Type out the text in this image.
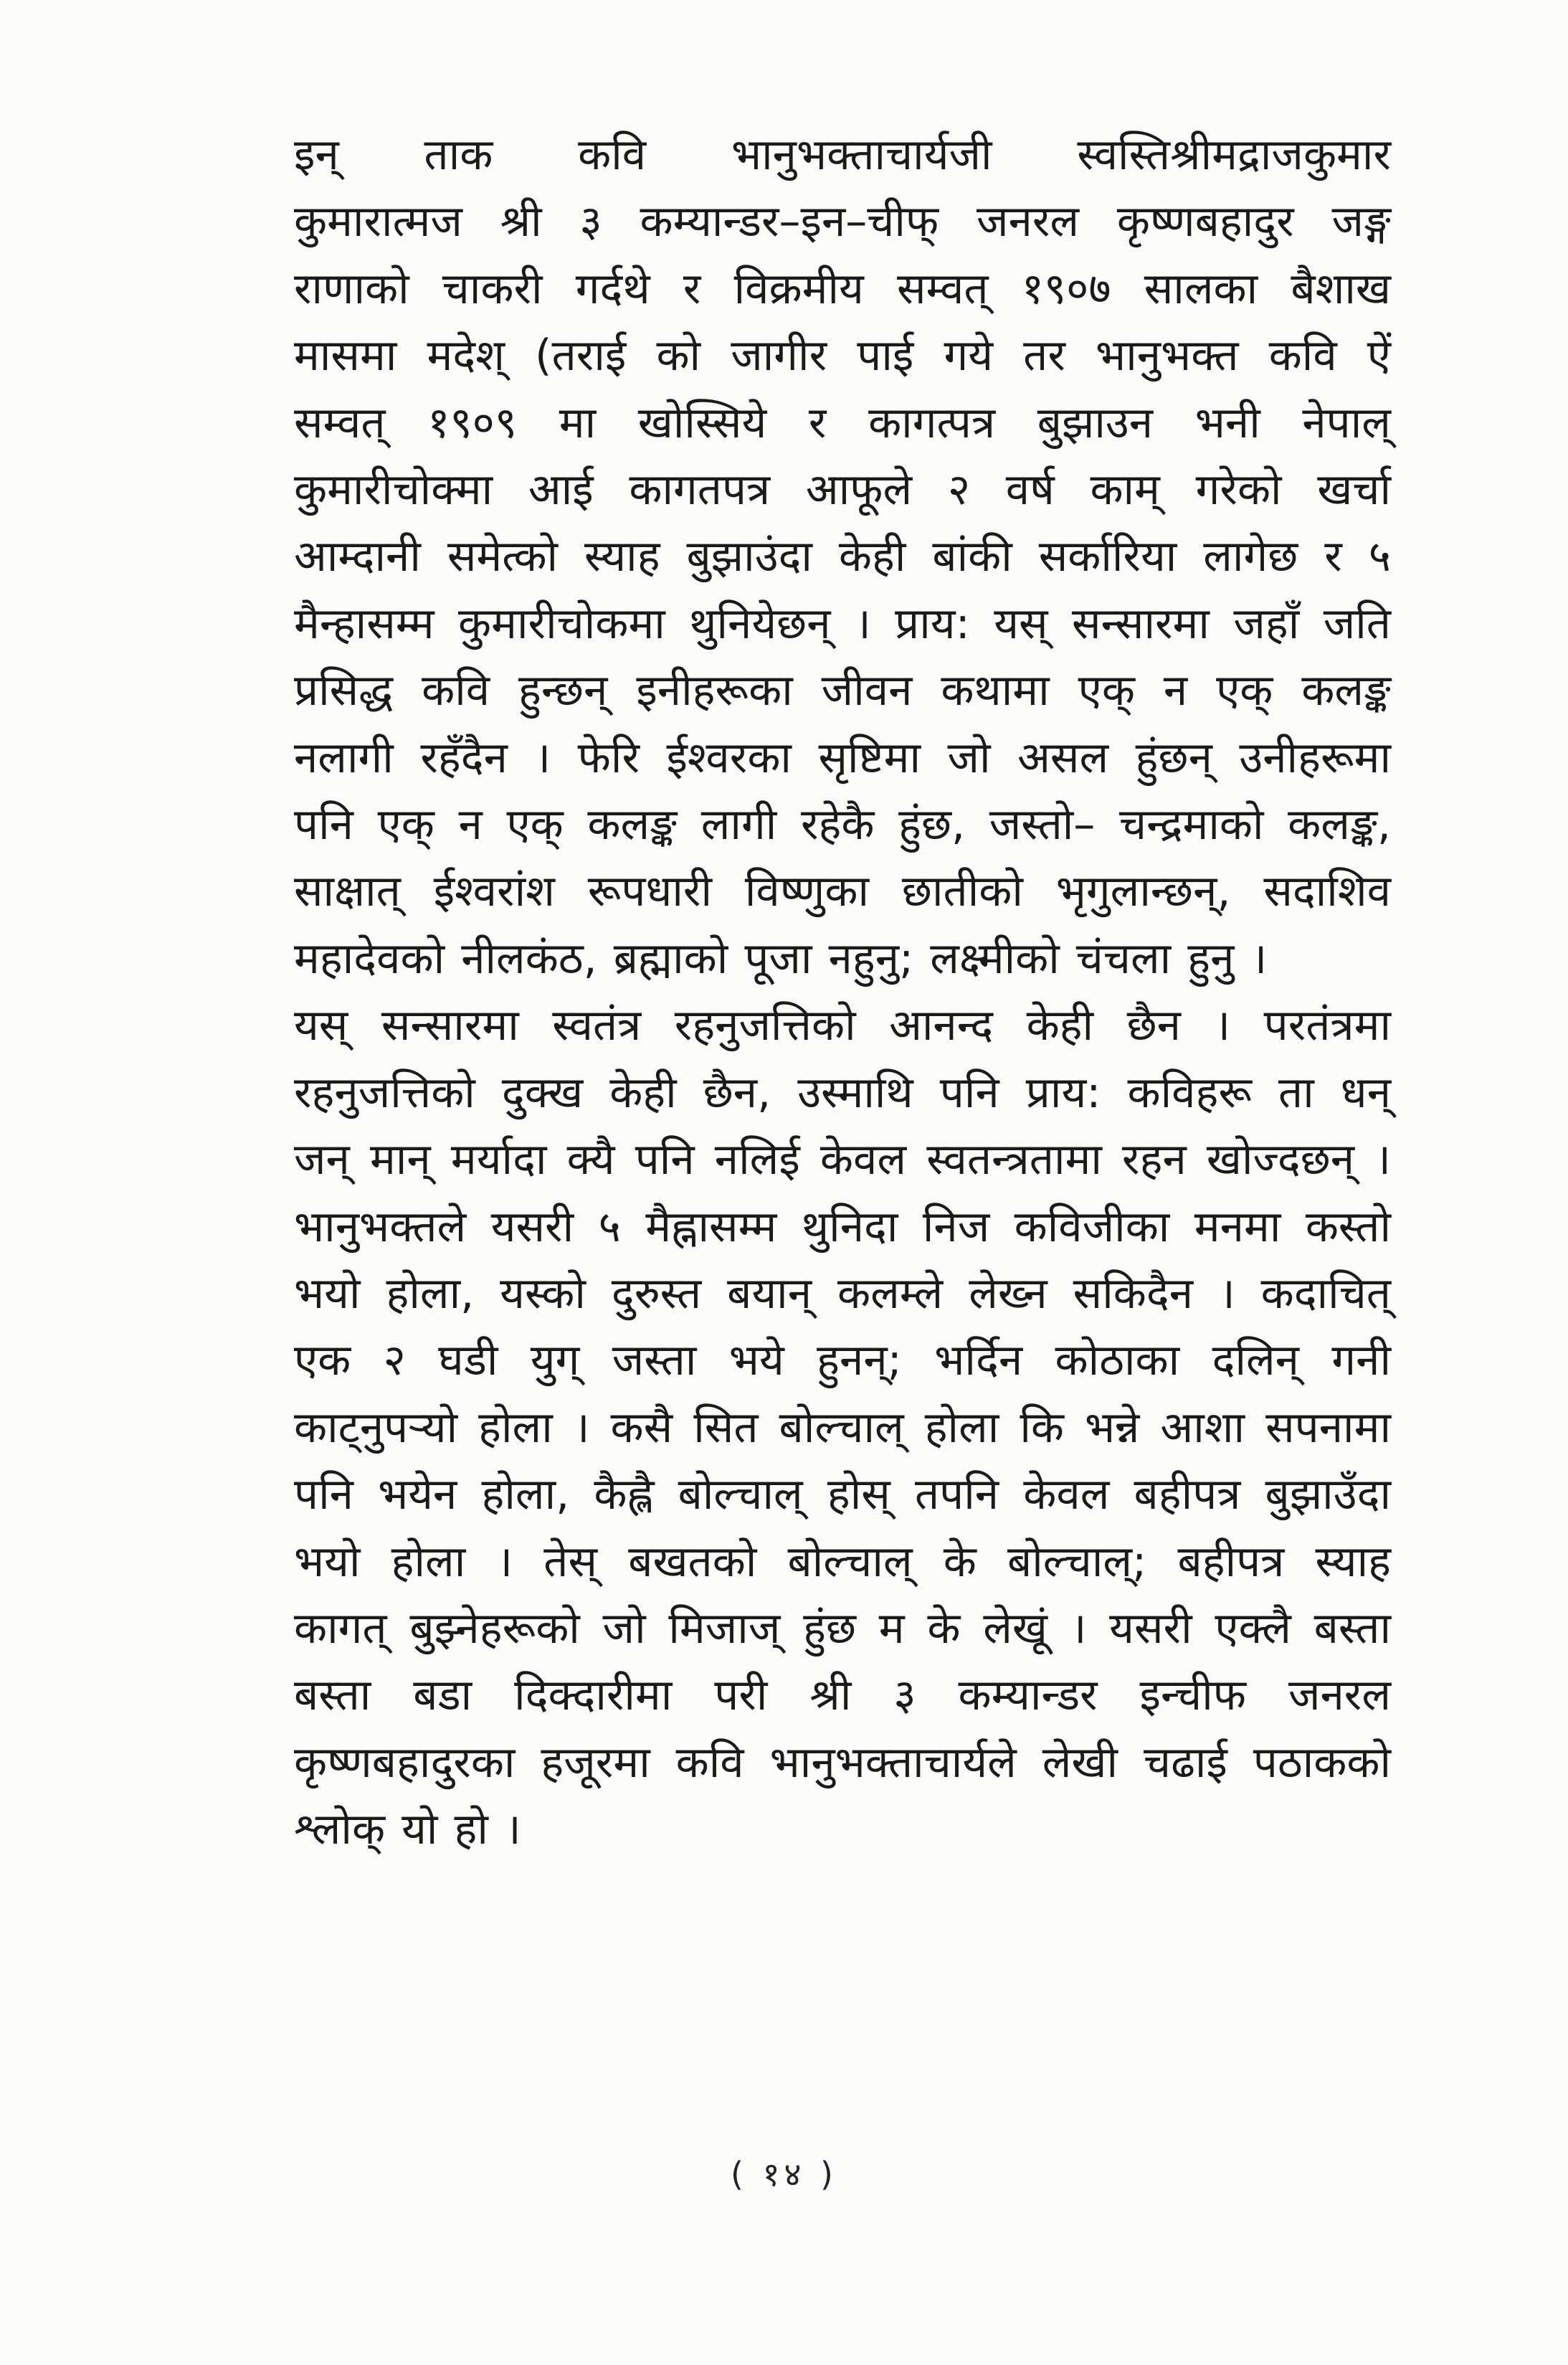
इन् ताक कवि भानुभक्ताचार्यजी स्वस्तिश्रीमद्राजकुमार
कुमारात्मज श्री ३ कम्यान्डर–इन–चीफ् जनरल कृष्णबहादुर जङ्ग
राणाको चाकरी गर्दथे र विक्रमीय सम्वत् १९०७ सालका बैशाख
मासमा मदेश् (तराई को जागीर पाई गये तर भानुभक्त कवि ऐं
सम्वत् १९०९ मा खोस्सिये र कागत्पत्र बुझाउन भनी नेपाल्
कुमारीचोक्मा आई कागतपत्र आफूले २ वर्ष काम् गरेको खर्चा
आम्दानी समेत्को स्याह बुझाउंदा केही बांकी सर्कारिया लागेछ र ५
मैन्हासम्म कुमारीचोकमा थुनियेछन् । प्राय: यस् सन्सारमा जहाँ जति
प्रसिद्ध कवि हुन्छन् इनीहरूका जीवन कथामा एक् न एक् कलङ्क
नलागी रहँदैन । फेरि ईश्वरका सृष्टिमा जो असल हुंछन् उनीहरूमा
पनि एक् न एक् कलङ्क लागी रहेकै हुंछ, जस्तो– चन्द्रमाको कलङ्क,
साक्षात् ईश्वरांश रूपधारी विष्णुका छातीको भृगुलान्छन्, सदाशिव
महादेवको नीलकंठ, ब्रह्माको पूजा नहुनु; लक्ष्मीको चंचला हुनु ।

यस् सन्सारमा स्वतंत्र रहनुजत्तिको आनन्द केही छैन । परतंत्रमा
रहनुजत्तिको दुक्ख केही छैन, उस्माथि पनि प्राय: कविहरू ता धन्
जन् मान् मर्यादा क्यै पनि नलिई केवल स्वतन्त्रतामा रहन खोज्दछन् ।
भानुभक्तले यसरी ५ मैह्नासम्म थुनिदा निज कविजीका मनमा कस्तो
भयो होला, यस्को दुरुस्त बयान् कलम्ले लेख्न सकिदैन । कदाचित्
एक २ घडी युग् जस्ता भये हुनन्; भर्दिन कोठाका दलिन् गनी
काट्नुपर्‍यो होला । कसै सित बोल्चाल् होला कि भन्ने आशा सपनामा
पनि भयेन होला, कैह्लै बोल्चाल् होस् तपनि केवल बहीपत्र बुझाउँदा
भयो होला । तेस् बखतको बोल्चाल् के बोल्चाल्; बहीपत्र स्याह
कागत् बुझ्नेहरूको जो मिजाज् हुंछ म के लेखूं । यसरी एक्लै बस्ता
बस्ता बडा दिक्दारीमा परी श्री ३ कम्यान्डर इन्चीफ जनरल
कृष्णबहादुरका हजूरमा कवि भानुभक्ताचार्यले लेखी चढाई पठाकको
श्लोक् यो हो ।

( १४ )
